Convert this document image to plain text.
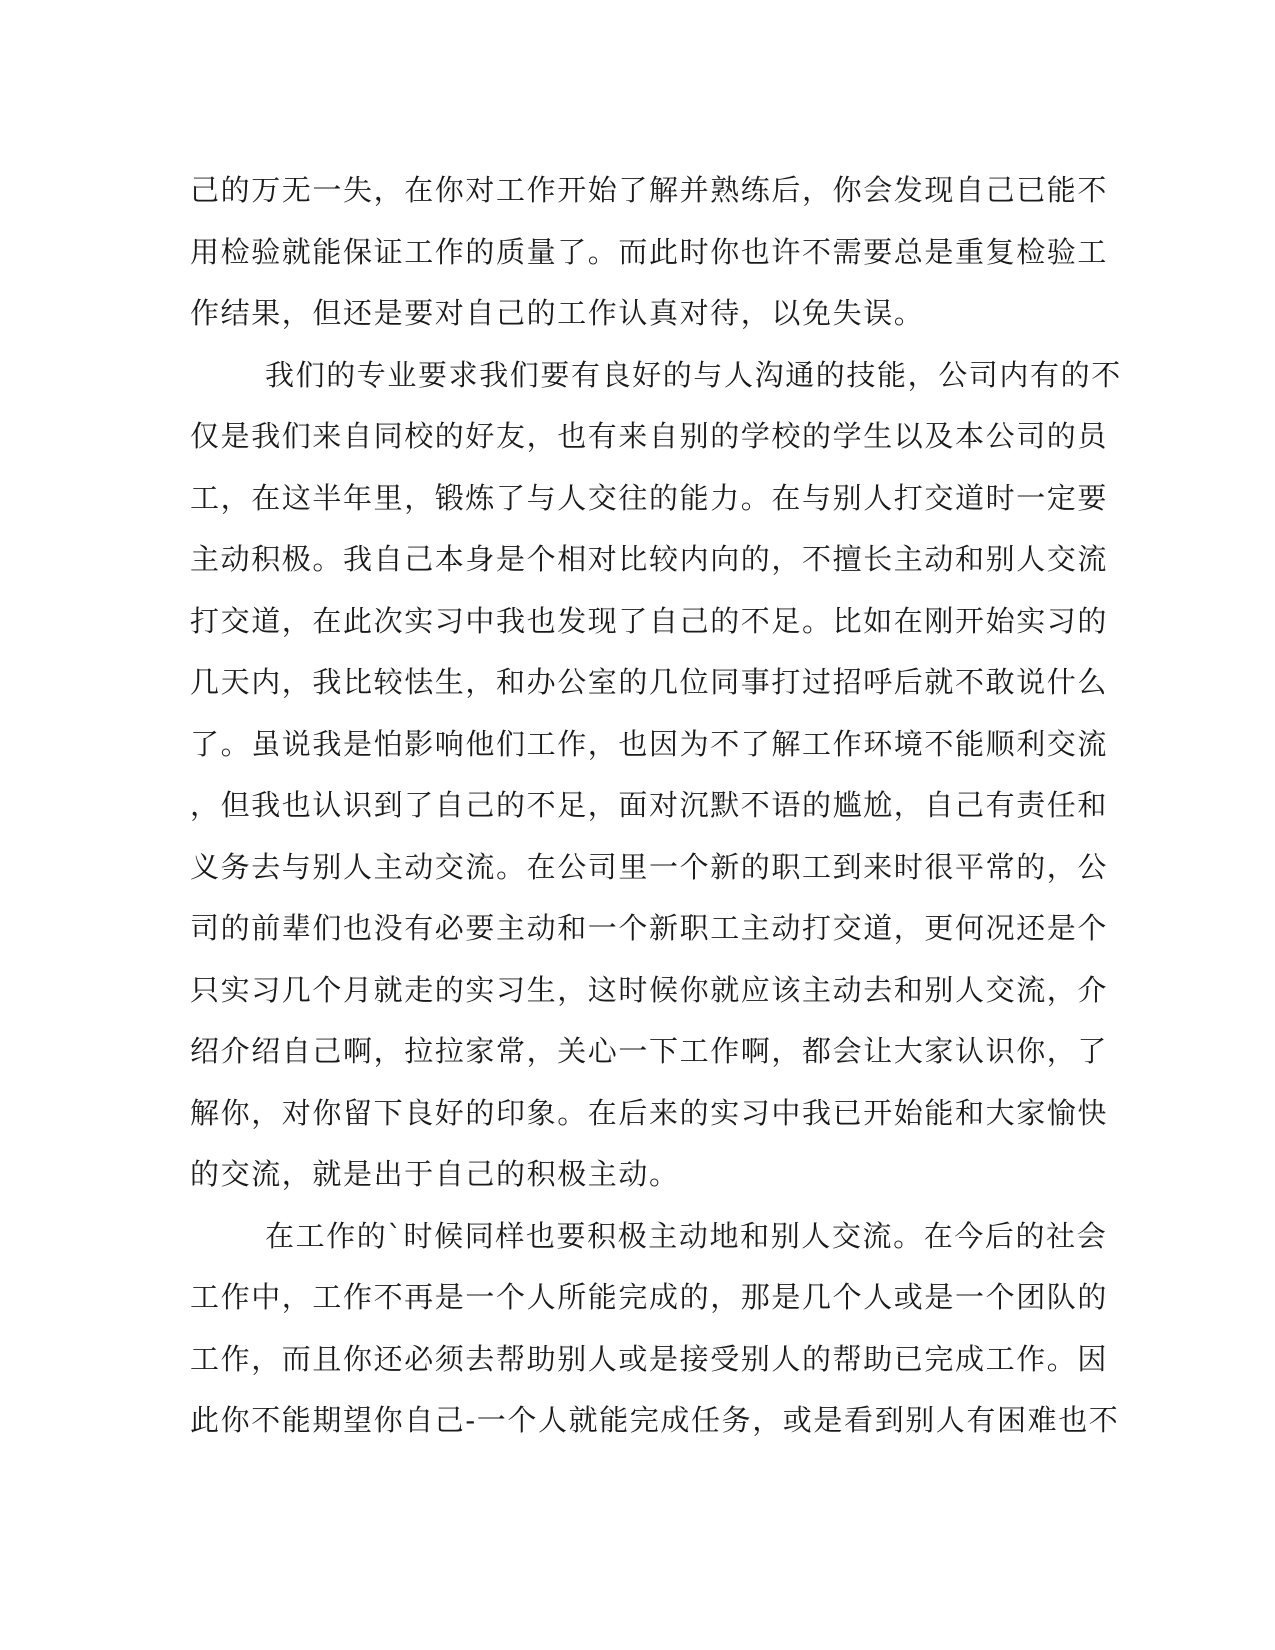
己的万无一失，在你对工作开始了解并熟练后，你会发现自己已能不
用检验就能保证工作的质量了。而此时你也许不需要总是重复检验工
作结果，但还是要对自己的工作认真对待，以免失误。
我们的专业要求我们要有良好的与人沟通的技能，公司内有的不
仅是我们来自同校的好友，也有来自别的学校的学生以及本公司的员
工，在这半年里，锻炼了与人交往的能力。在与别人打交道时一定要
主动积极。我自己本身是个相对比较内向的，不擅长主动和别人交流
打交道，在此次实习中我也发现了自己的不足。比如在刚开始实习的
几天内，我比较怯生，和办公室的几位同事打过招呼后就不敢说什么
了。虽说我是怕影响他们工作，也因为不了解工作环境不能顺利交流
，但我也认识到了自己的不足，面对沉默不语的尴尬，自己有责任和
义务去与别人主动交流。在公司里一个新的职工到来时很平常的，公
司的前辈们也没有必要主动和一个新职工主动打交道，更何况还是个
只实习几个月就走的实习生，这时候你就应该主动去和别人交流，介
绍介绍自己啊，拉拉家常，关心一下工作啊，都会让大家认识你，了
解你，对你留下良好的印象。在后来的实习中我已开始能和大家愉快
的交流，就是出于自己的积极主动。
在工作的`时候同样也要积极主动地和别人交流。在今后的社会
工作中，工作不再是一个人所能完成的，那是几个人或是一个团队的
工作，而且你还必须去帮助别人或是接受别人的帮助已完成工作。因
此你不能期望你自己-一个人就能完成任务，或是看到别人有困难也不
